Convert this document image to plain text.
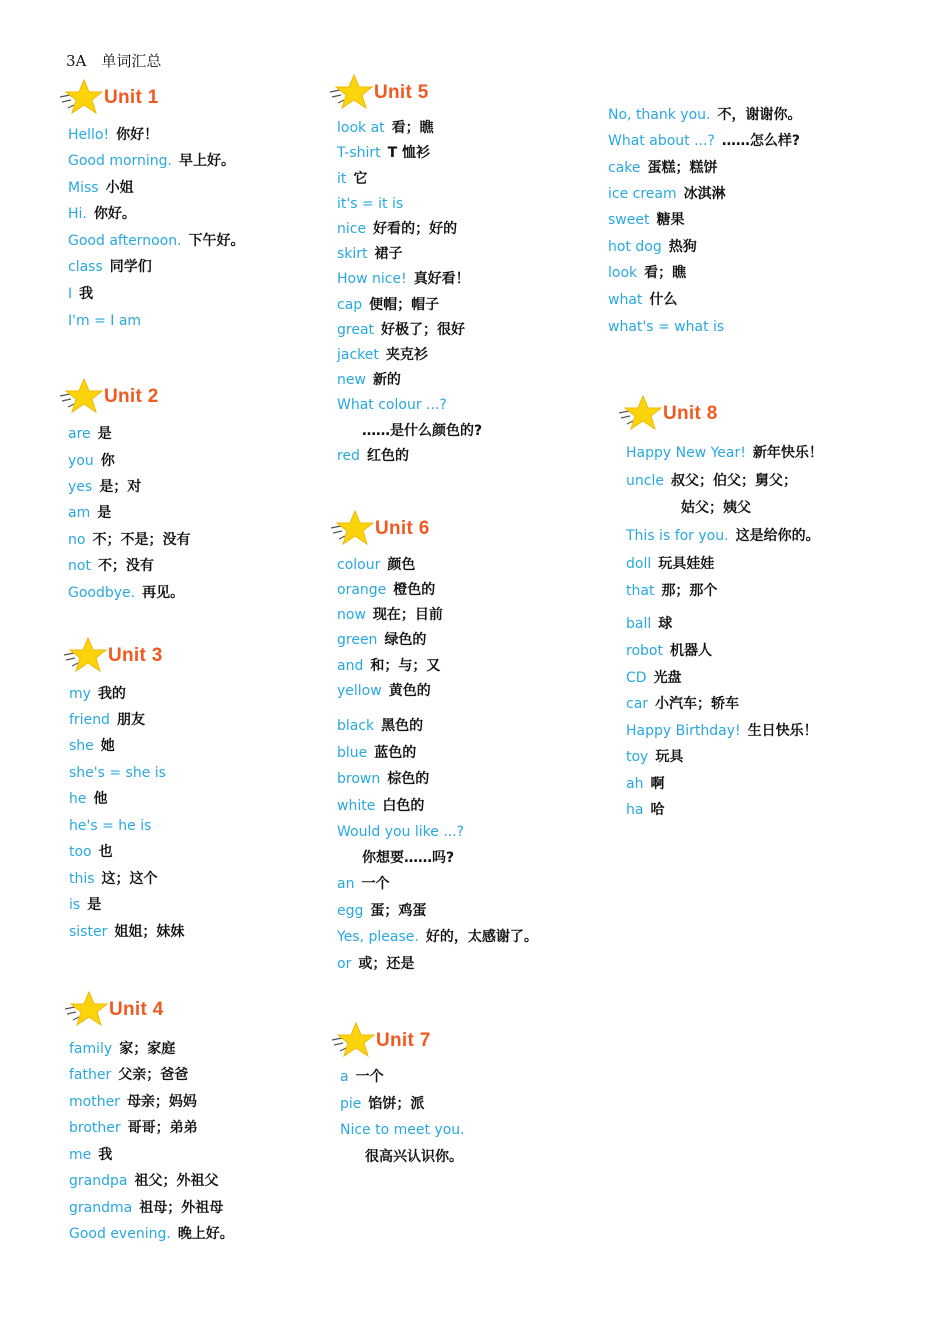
3A　单词汇总
Unit 1
Unit 2
Unit 3
Unit 4
Unit 5
Unit 6
Unit 7
Unit 8
Hello! 你好！
Good morning. 早上好。
Miss 小姐
Hi. 你好。
Good afternoon. 下午好。
class 同学们
I 我
I'm = I am
are 是
you 你
yes 是；对
am 是
no 不；不是；没有
not 不；没有
Goodbye. 再见。
my 我的
friend 朋友
she 她
she's = she is
he 他
he's = he is
too 也
this 这；这个
is 是
sister 姐姐；妹妹
family 家；家庭
father 父亲；爸爸
mother 母亲；妈妈
brother 哥哥；弟弟
me 我
grandpa 祖父；外祖父
grandma 祖母；外祖母
Good evening. 晚上好。
look at 看；瞧
T-shirt T 恤衫
it 它
it's = it is
nice 好看的；好的
skirt 裙子
How nice! 真好看！
cap 便帽；帽子
great 好极了；很好
jacket 夹克衫
new 新的
What colour ...?
……是什么颜色的?
red 红色的
colour 颜色
orange 橙色的
now 现在；目前
green 绿色的
and 和；与；又
yellow 黄色的
black 黑色的
blue 蓝色的
brown 棕色的
white 白色的
Would you like ...?
你想要……吗?
an 一个
egg 蛋；鸡蛋
Yes, please. 好的，太感谢了。
or 或；还是
a 一个
pie 馅饼；派
Nice to meet you.
很高兴认识你。
No, thank you. 不，谢谢你。
What about ...? ……怎么样?
cake 蛋糕；糕饼
ice cream 冰淇淋
sweet 糖果
hot dog 热狗
look 看；瞧
what 什么
what's = what is
Happy New Year! 新年快乐！
uncle 叔父；伯父；舅父；
姑父；姨父
This is for you. 这是给你的。
doll 玩具娃娃
that 那；那个
ball 球
robot 机器人
CD 光盘
car 小汽车；轿车
Happy Birthday! 生日快乐！
toy 玩具
ah 啊
ha 哈
